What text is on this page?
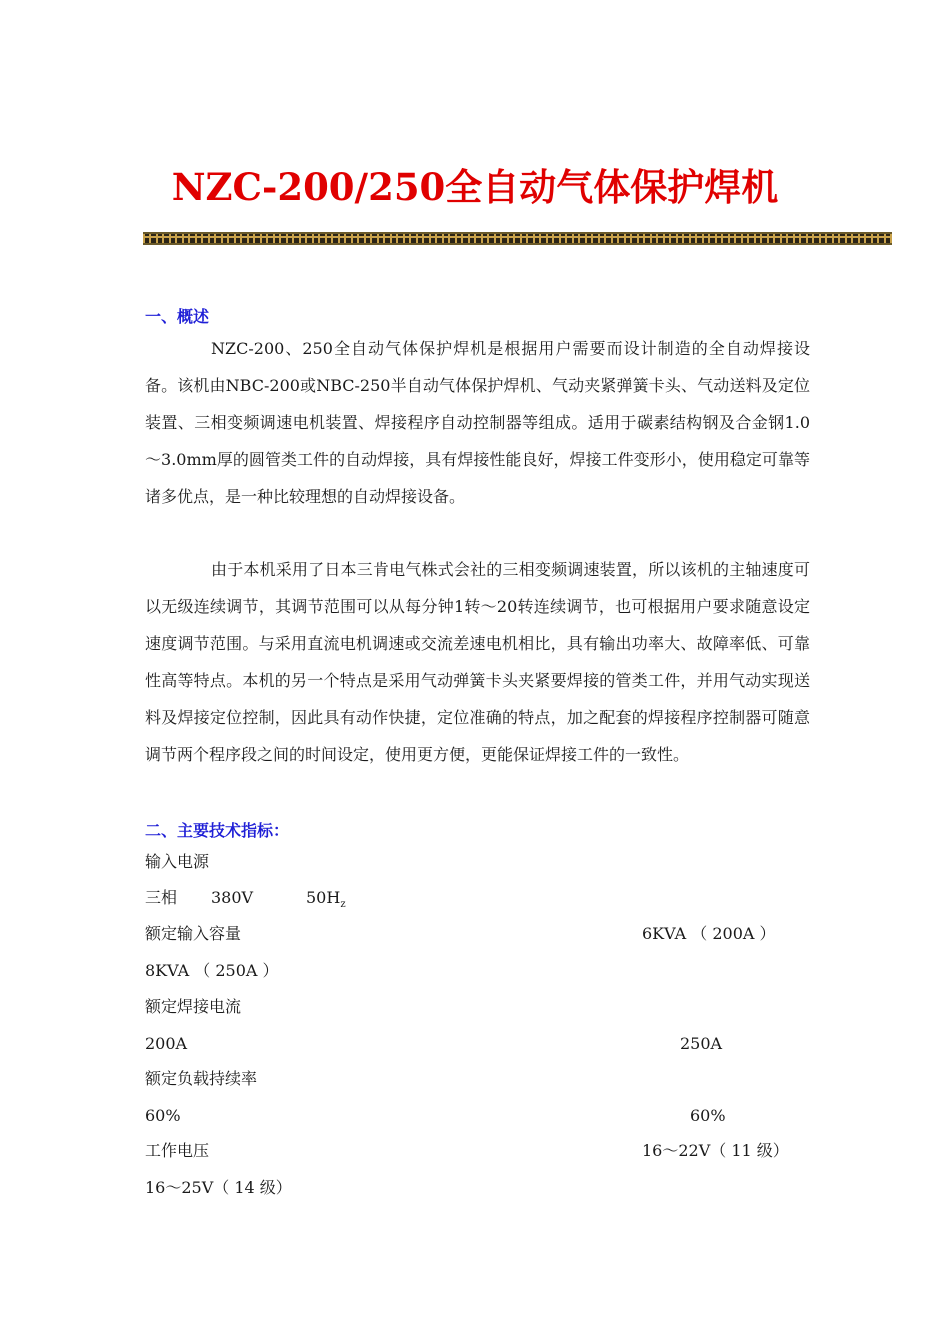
NZC-200/250全自动气体保护焊机
一、概述
NZC-200、250全自动气体保护焊机是根据用户需要而设计制造的全自动焊接设备。该机由NBC-200或NBC-250半自动气体保护焊机、气动夹紧弹簧卡头、气动送料及定位装置、三相变频调速电机装置、焊接程序自动控制器等组成。适用于碳素结构钢及合金钢1.0～3.0mm厚的圆管类工件的自动焊接，具有焊接性能良好，焊接工件变形小，使用稳定可靠等诸多优点，是一种比较理想的自动焊接设备。
由于本机采用了日本三肯电气株式会社的三相变频调速装置，所以该机的主轴速度可以无级连续调节，其调节范围可以从每分钟1转～20转连续调节，也可根据用户要求随意设定速度调节范围。与采用直流电机调速或交流差速电机相比，具有输出功率大、故障率低、可靠性高等特点。本机的另一个特点是采用气动弹簧卡头夹紧要焊接的管类工件，并用气动实现送料及焊接定位控制，因此具有动作快捷，定位准确的特点，加之配套的焊接程序控制器可随意调节两个程序段之间的时间设定，使用更方便，更能保证焊接工件的一致性。
二、主要技术指标：
输入电源
三相 380V	$50H_z$
额定输入容量	6KVA （ 200A ）
8KVA （ 250A ）
额定焊接电流
200A	250A
额定负载持续率
60%	60%
工作电压	16～22V（ 11 级）
16～25V（ 14 级）
